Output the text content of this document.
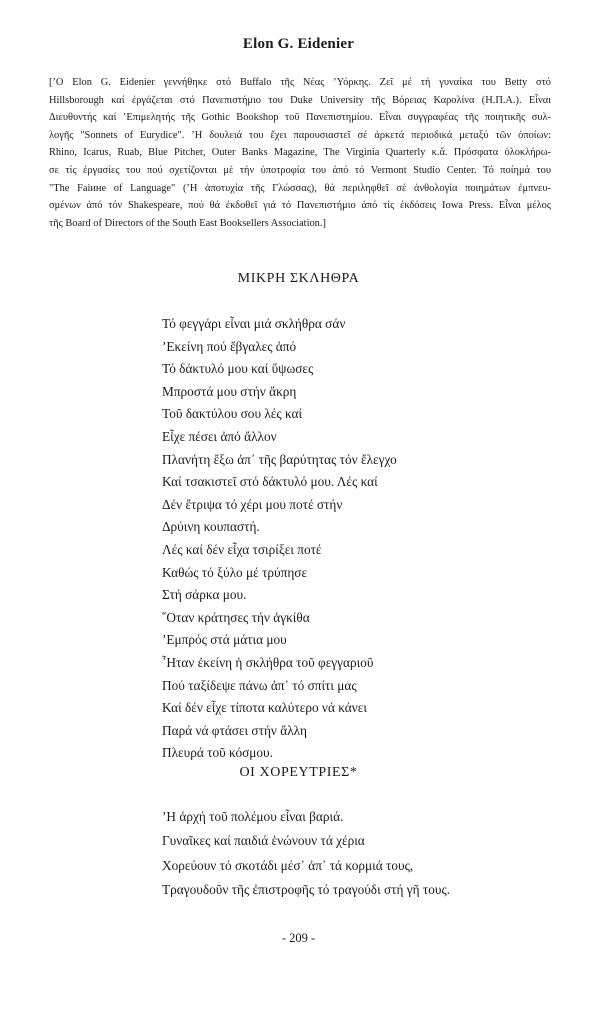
Elon G. Eidenier
[ʼΟ Elon G. Eidenier γεννήθηκε στό Buffalo τῆς Νέας ʼΥόρκης. Ζεῖ μέ τή γυναίκα του Betty στό
Hillsborough καί ἐργάζεται στό Πανεπιστήμιο του Duke University τῆς Βόρειας Καρολίνα (Η.Π.Α.). Εἶναι
Διευθυντής καί ʼΕπιμελητής τῆς Gothic Bookshop τοῦ Πανεπιστημίου. Εἶναι συγγραφέας τῆς ποιητικῆς συλ-
λογῆς "Sonnets of Eurydice". ʼΗ δουλειά του ἔχει παρουσιαστεῖ σέ ἀρκετά περιοδικά μεταξύ τῶν ὁποίων:
Rhino, Icarus, Ruab, Blue Pitcher, Outer Banks Magazine, The Virginia Quarterly κ.ἄ. Πρόσφατα ὁλοκλήρω-
σε τίς ἐργασίες του πού σχετίζονται μέ τήν ὑποτροφία του ἀπό τό Vermont Studio Center. Τό ποίημά του
"The Faiине of Language" (ʼΗ ἀποτυχία τῆς Γλώσσας), θά περιληφθεῖ σέ ἀνθολογία ποιημάτων ἐμπνευ-
σμένων ἀπό τόν Shakespeare, πού θά ἐκδοθεῖ γιά τό Πανεπιστήμιο ἀπό τίς ἐκδόσεις Iowa Press. Εἶναι μέλος
τῆς Board of Directors of the South East Booksellers Association.]
ΜΙΚΡΗ ΣΚΛΗΘΡΑ
Τό φεγγάρι εἶναι μιά σκλήθρα σάν
ʼΕκείνη πού ἔβγαλες ἀπό
Τό δάκτυλό μου καί ὕψωσες
Μπροστά μου στήν ἄκρη
Τοῦ δακτύλου σου λές καί
Εἶχε πέσει ἀπό ἄλλον
Πλανήτη ἔξω ἀπ᾽ τῆς βαρύτητας τόν ἔλεγχο
Καί τσακιστεῖ στό δάκτυλό μου. Λές καί
Δέν ἔτριψα τό χέρι μου ποτέ στήν
Δρύινη κουπαστή.
Λές καί δέν εἶχα τσιρίξει ποτέ
Καθώς τό ξύλο μέ τρύπησε
Στή σάρκα μου.
῞Οταν κράτησες τήν ἀγκίθα
ʼΕμπρός στά μάτια μου
῏Ηταν ἐκείνη ἡ σκλήθρα τοῦ φεγγαριοῦ
Πού ταξίδεψε πάνω ἀπ᾽ τό σπίτι μας
Καί δέν εἶχε τίποτα καλύτερο νά κάνει
Παρά νά φτάσει στήν ἄλλη
Πλευρά τοῦ κόσμου.
ΟΙ ΧΟΡΕΥΤΡΙΕΣ*
ʼΗ ἀρχή τοῦ πολέμου εἶναι βαριά.
Γυναῖκες καί παιδιά ἑνώνουν τά χέρια
Χορεύουν τό σκοτάδι μέσ᾽ ἀπ᾽ τά κορμιά τους,
Τραγουδοῦν τῆς ἐπιστροφῆς τό τραγούδι στή γῆ τους.
- 209 -
